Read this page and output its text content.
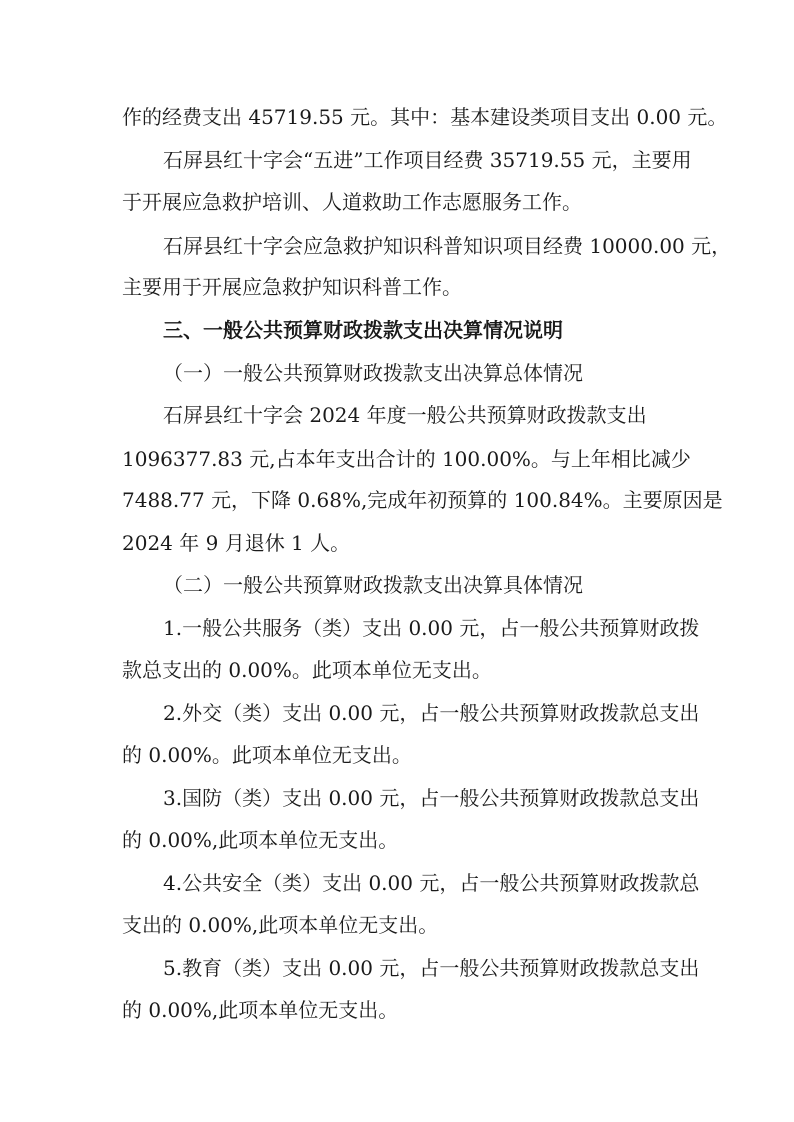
作的经费支出 45719.55 元。其中：基本建设类项目支出 0.00 元。
石屏县红十字会“五进”工作项目经费 35719.55 元，主要用
于开展应急救护培训、人道救助工作志愿服务工作。
石屏县红十字会应急救护知识科普知识项目经费 10000.00 元，
主要用于开展应急救护知识科普工作。
三、一般公共预算财政拨款支出决算情况说明
（一）一般公共预算财政拨款支出决算总体情况
石屏县红十字会 2024 年度一般公共预算财政拨款支出
1096377.83 元,占本年支出合计的 100.00%。与上年相比减少
7488.77 元，下降 0.68%,完成年初预算的 100.84%。主要原因是
2024 年 9 月退休 1 人。
（二）一般公共预算财政拨款支出决算具体情况
1.一般公共服务（类）支出 0.00 元，占一般公共预算财政拨
款总支出的 0.00%。此项本单位无支出。
2.外交（类）支出 0.00 元，占一般公共预算财政拨款总支出
的 0.00%。此项本单位无支出。
3.国防（类）支出 0.00 元，占一般公共预算财政拨款总支出
的 0.00%,此项本单位无支出。
4.公共安全（类）支出 0.00 元，占一般公共预算财政拨款总
支出的 0.00%,此项本单位无支出。
5.教育（类）支出 0.00 元，占一般公共预算财政拨款总支出
的 0.00%,此项本单位无支出。
